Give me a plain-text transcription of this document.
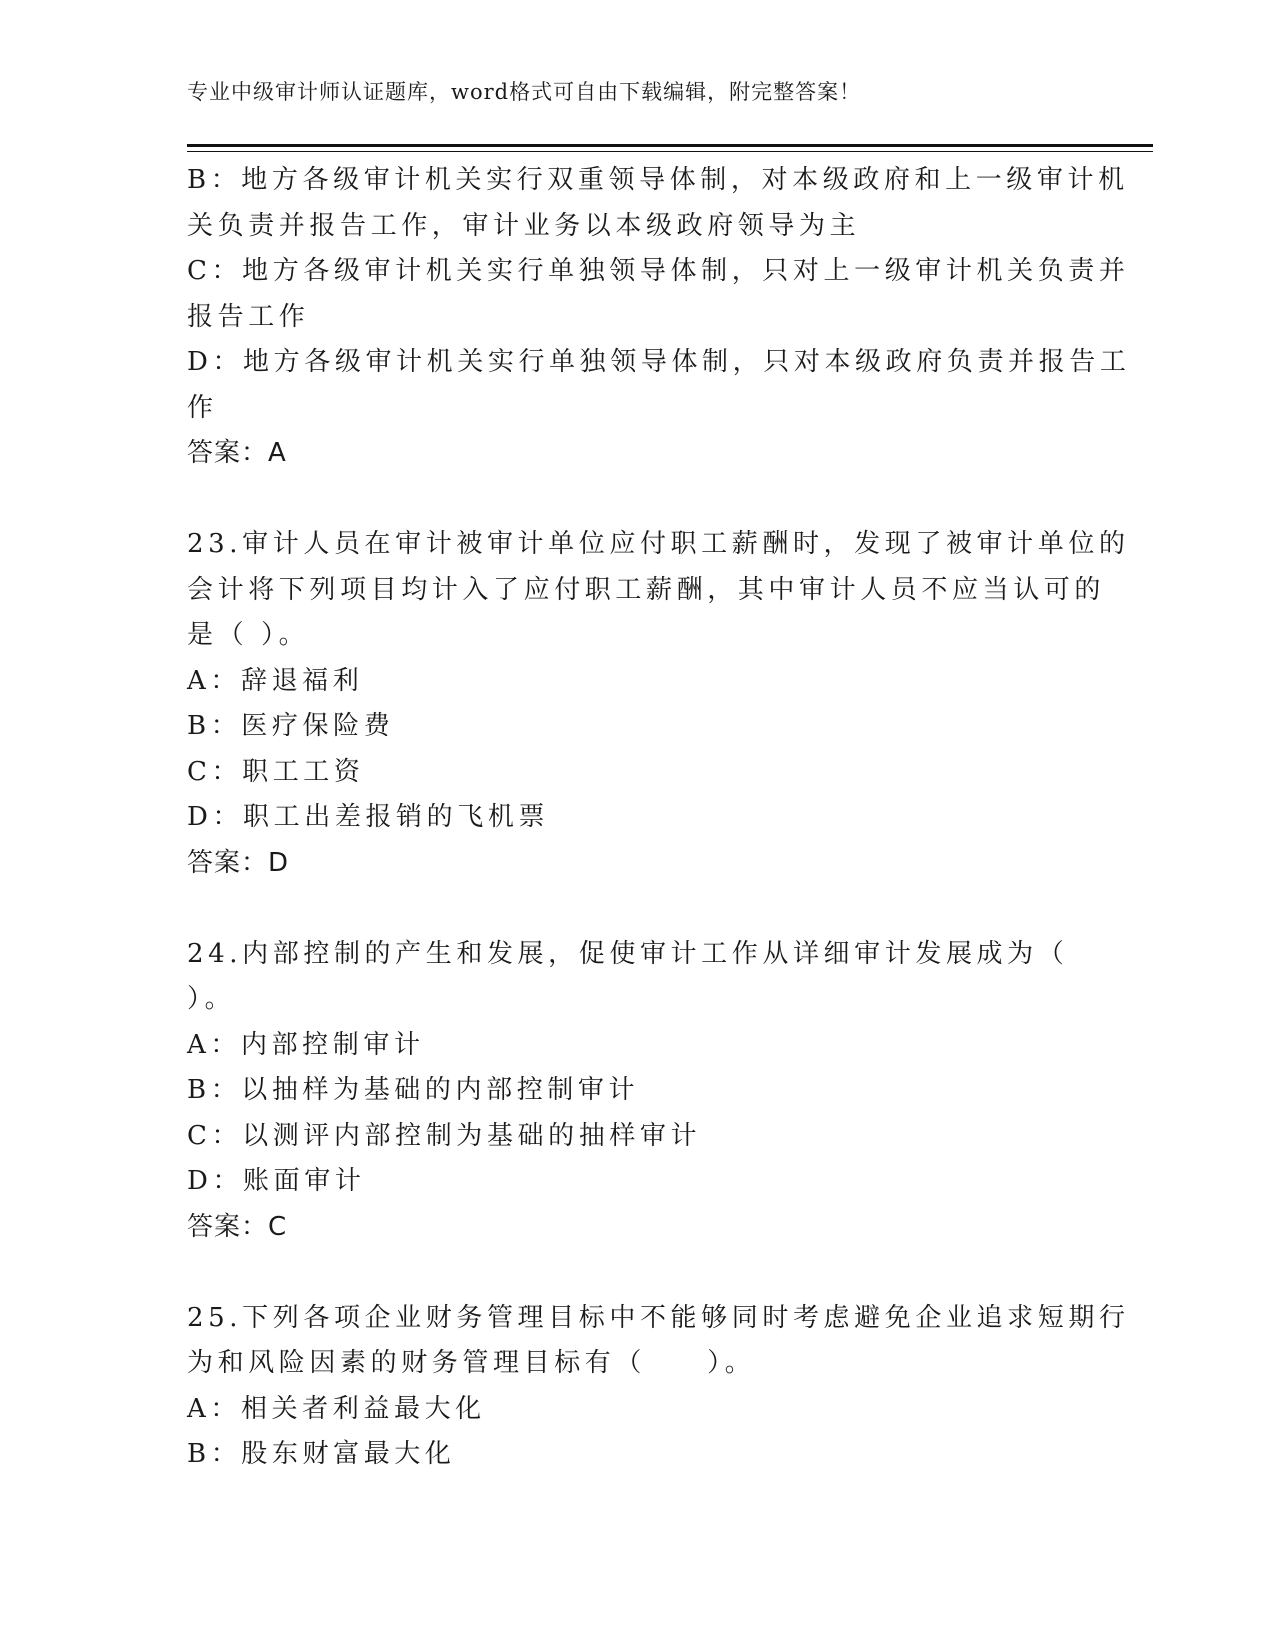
专业中级审计师认证题库，word格式可自由下载编辑，附完整答案！
B：地方各级审计机关实行双重领导体制，对本级政府和上一级审计机
关负责并报告工作，审计业务以本级政府领导为主
C：地方各级审计机关实行单独领导体制，只对上一级审计机关负责并
报告工作
D：地方各级审计机关实行单独领导体制，只对本级政府负责并报告工
作
答案：A
23.审计人员在审计被审计单位应付职工薪酬时，发现了被审计单位的
会计将下列项目均计入了应付职工薪酬，其中审计人员不应当认可的
是（ ）。
A：辞退福利
B：医疗保险费
C：职工工资
D：职工出差报销的飞机票
答案：D
24.内部控制的产生和发展，促使审计工作从详细审计发展成为（
）。
A：内部控制审计
B：以抽样为基础的内部控制审计
C：以测评内部控制为基础的抽样审计
D：账面审计
答案：C
25.下列各项企业财务管理目标中不能够同时考虑避免企业追求短期行
为和风险因素的财务管理目标有（　　）。
A：相关者利益最大化
B：股东财富最大化
